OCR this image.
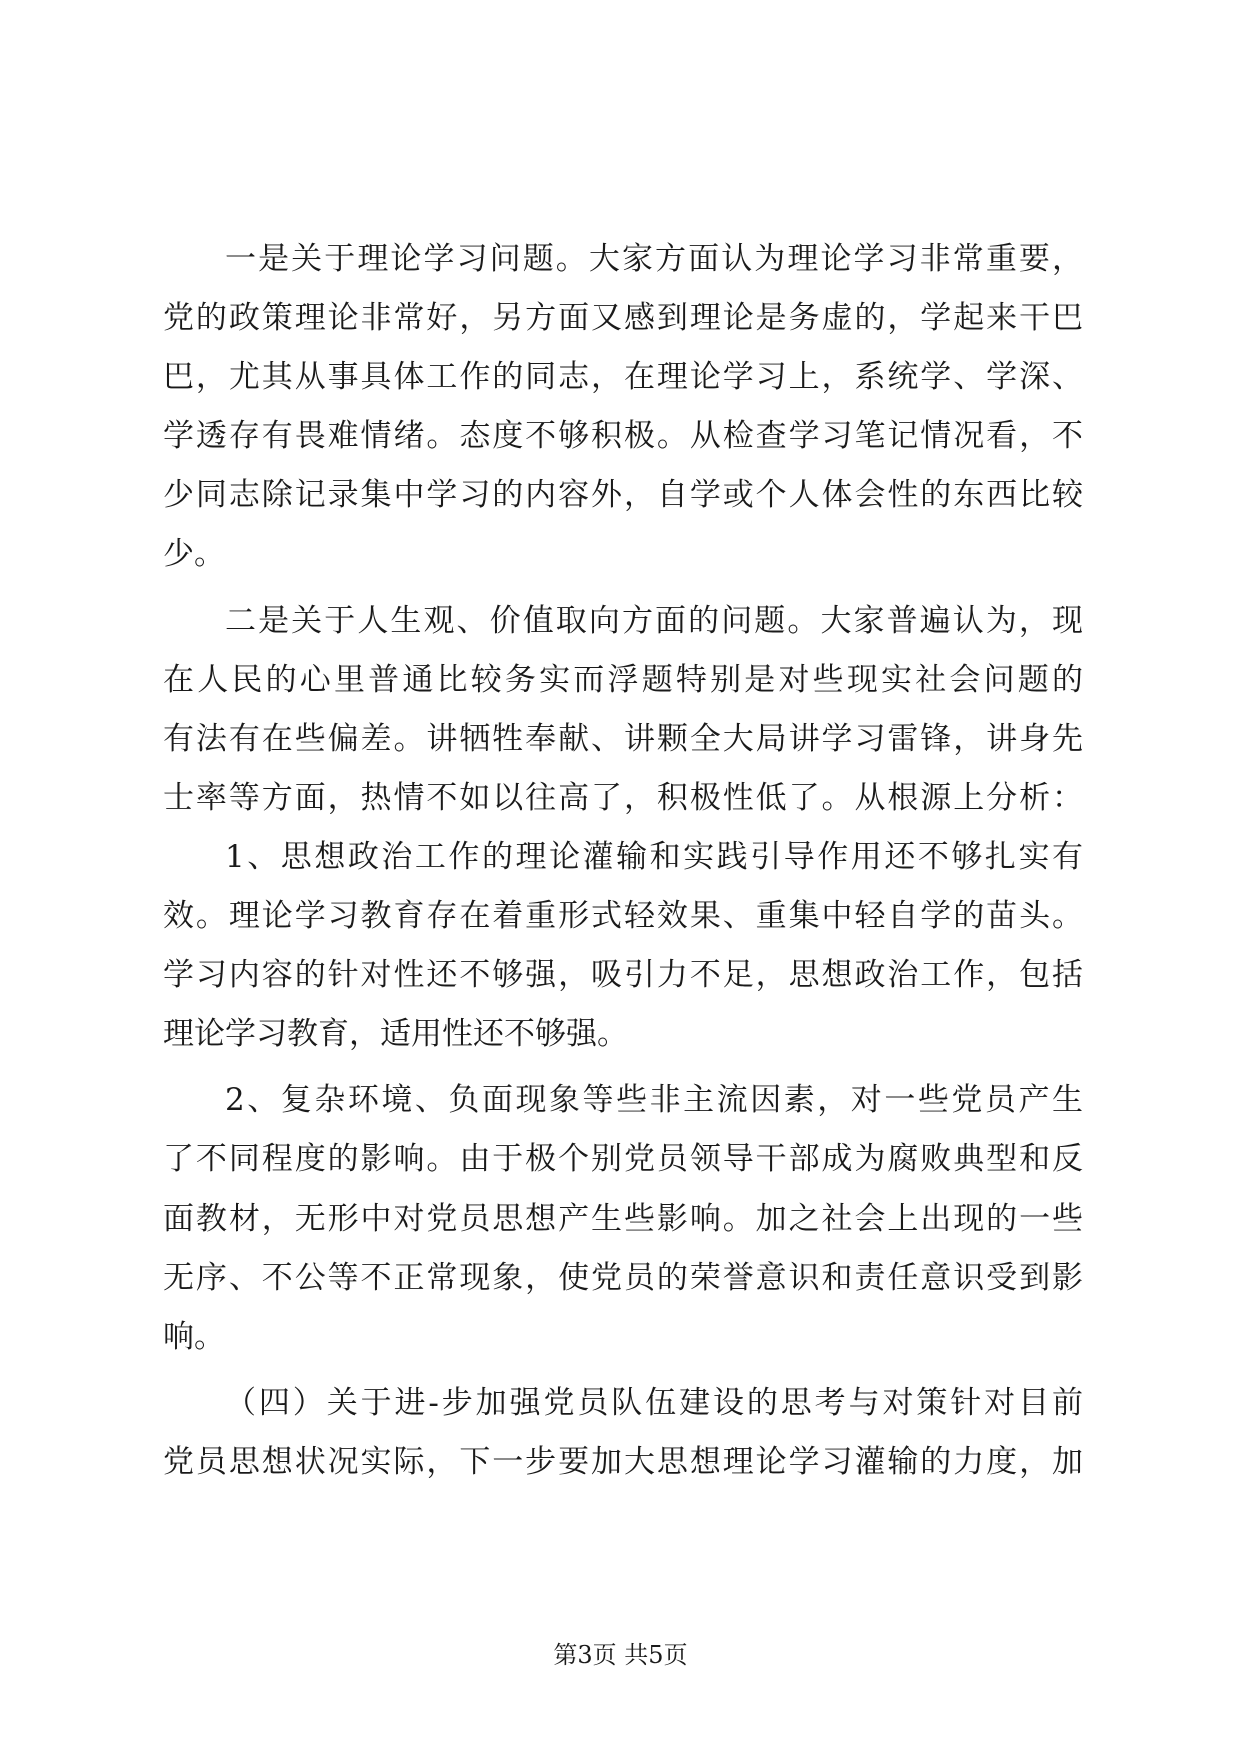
一是关于理论学习问题。大家方面认为理论学习非常重要，
党的政策理论非常好，另方面又感到理论是务虚的，学起来干巴
巴，尤其从事具体工作的同志，在理论学习上，系统学、学深、
学透存有畏难情绪。态度不够积极。从检查学习笔记情况看，不
少同志除记录集中学习的内容外，自学或个人体会性的东西比较
少。
二是关于人生观、价值取向方面的问题。大家普遍认为，现
在人民的心里普通比较务实而浮题特别是对些现实社会问题的
有法有在些偏差。讲牺牲奉献、讲颗全大局讲学习雷锋，讲身先
士率等方面，热情不如以往高了，积极性低了。从根源上分析：
1、思想政治工作的理论灌输和实践引导作用还不够扎实有
效。理论学习教育存在着重形式轻效果、重集中轻自学的苗头。
学习内容的针对性还不够强，吸引力不足，思想政治工作，包括
理论学习教育，适用性还不够强。
2、复杂环境、负面现象等些非主流因素，对一些党员产生
了不同程度的影响。由于极个别党员领导干部成为腐败典型和反
面教材，无形中对党员思想产生些影响。加之社会上出现的一些
无序、不公等不正常现象，使党员的荣誉意识和责任意识受到影
响。
（四）关于进-步加强党员队伍建设的思考与对策针对目前
党员思想状况实际，下一步要加大思想理论学习灌输的力度，加
第3页 共5页
